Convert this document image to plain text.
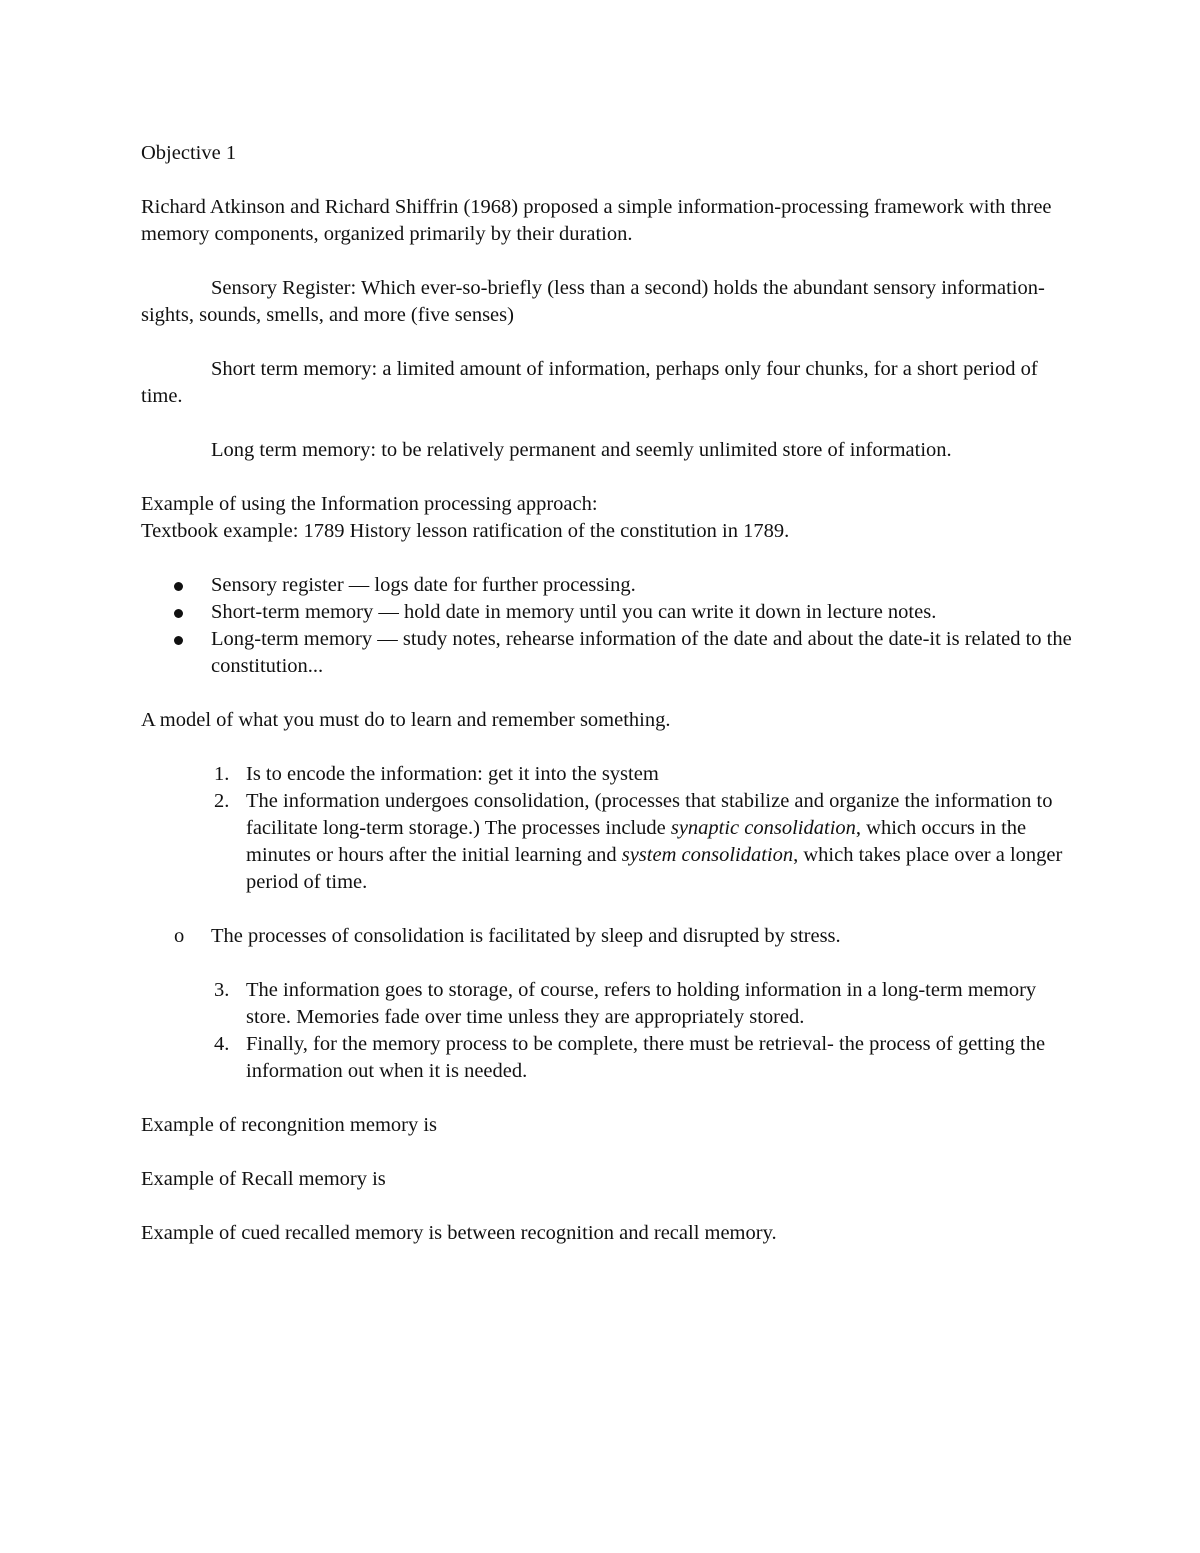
Objective 1

Richard Atkinson and Richard Shiffrin (1968) proposed a simple information-processing framework with three memory components, organized primarily by their duration.

Sensory Register: Which ever-so-briefly (less than a second) holds the abundant sensory information- sights, sounds, smells, and more (five senses)

Short term memory: a limited amount of information, perhaps only four chunks, for a short period of time.

Long term memory: to be relatively permanent and seemly unlimited store of information.

Example of using the Information processing approach:

Textbook example: 1789 History lesson ratification of the constitution in 1789.

Sensory register — logs date for further processing.
Short-term memory — hold date in memory until you can write it down in lecture notes.
Long-term memory — study notes, rehearse information of the date and about the date-it is related to the constitution...

A model of what you must do to learn and remember something.

1. Is to encode the information: get it into the system
2. The information undergoes consolidation, (processes that stabilize and organize the information to facilitate long-term storage.) The processes include synaptic consolidation, which occurs in the minutes or hours after the initial learning and system consolidation, which takes place over a longer period of time.

o The processes of consolidation is facilitated by sleep and disrupted by stress.

3. The information goes to storage, of course, refers to holding information in a long-term memory store. Memories fade over time unless they are appropriately stored.
4. Finally, for the memory process to be complete, there must be retrieval- the process of getting the information out when it is needed.

Example of recongnition memory is

Example of Recall memory is

Example of cued recalled memory is between recognition and recall memory.
